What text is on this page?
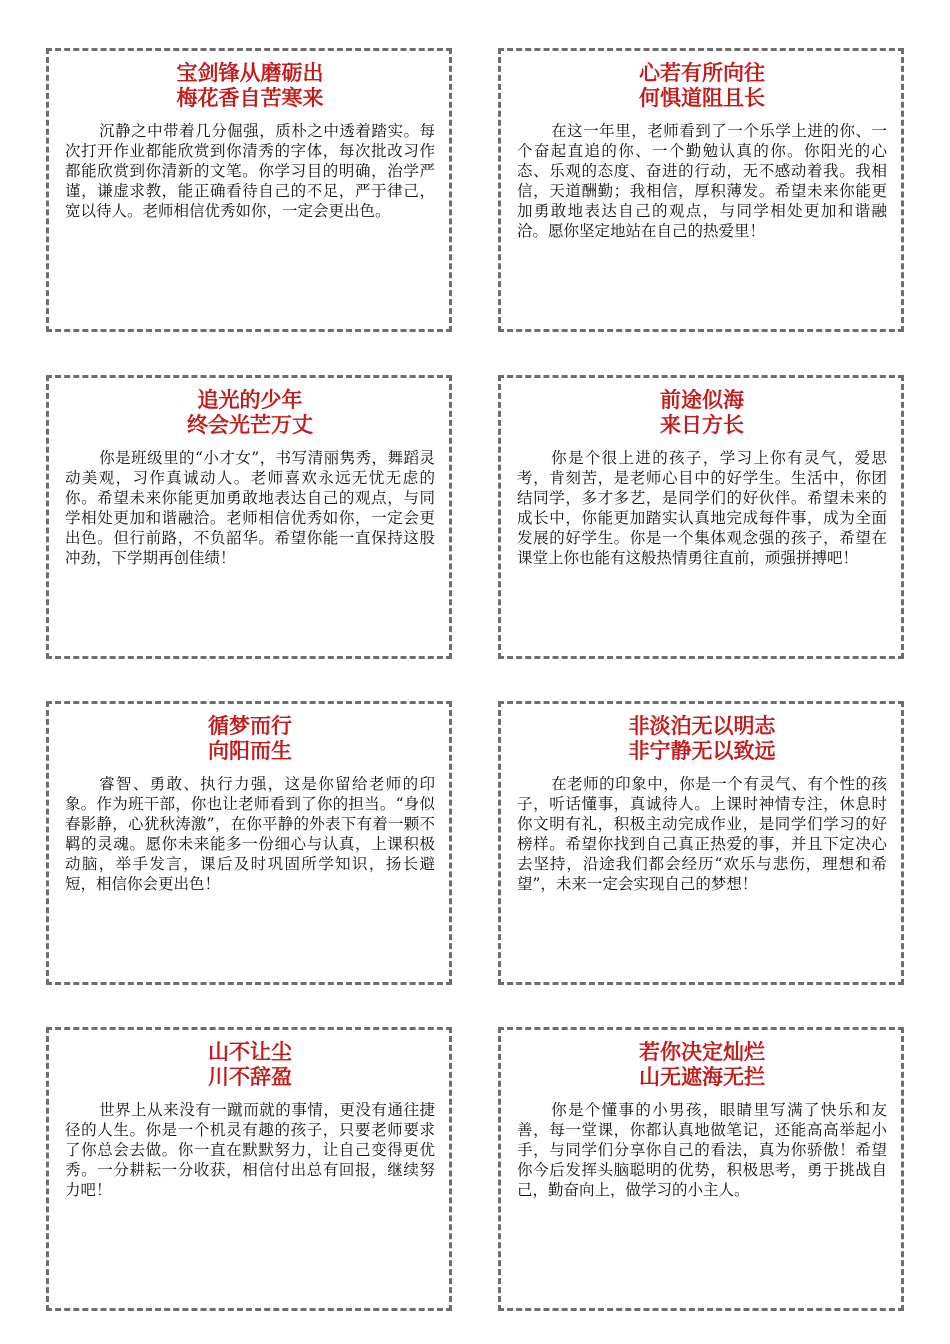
宝剑锋从磨砺出
梅花香自苦寒来

沉静之中带着几分倔强，质朴之中透着踏实。每次打开作业都能欣赏到你清秀的字体，每次批改习作都能欣赏到你清新的文笔。你学习目的明确，治学严谨，谦虚求教，能正确看待自己的不足，严于律己，宽以待人。老师相信优秀如你，一定会更出色。

心若有所向往
何惧道阻且长

在这一年里，老师看到了一个乐学上进的你、一个奋起直追的你、一个勤勉认真的你。你阳光的心态、乐观的态度、奋进的行动，无不感动着我。我相信，天道酬勤；我相信，厚积薄发。希望未来你能更加勇敢地表达自己的观点，与同学相处更加和谐融洽。愿你坚定地站在自己的热爱里！

追光的少年
终会光芒万丈

你是班级里的“小才女”，书写清丽隽秀，舞蹈灵动美观，习作真诚动人。老师喜欢永远无忧无虑的你。希望未来你能更加勇敢地表达自己的观点，与同学相处更加和谐融洽。老师相信优秀如你，一定会更出色。但行前路，不负韶华。希望你能一直保持这股冲劲，下学期再创佳绩！

前途似海
来日方长

你是个很上进的孩子，学习上你有灵气，爱思考，肯刻苦，是老师心目中的好学生。生活中，你团结同学，多才多艺，是同学们的好伙伴。希望未来的成长中，你能更加踏实认真地完成每件事，成为全面发展的好学生。你是一个集体观念强的孩子，希望在课堂上你也能有这般热情勇往直前，顽强拼搏吧！

循梦而行
向阳而生

睿智、勇敢、执行力强，这是你留给老师的印象。作为班干部，你也让老师看到了你的担当。“身似春影静，心犹秋涛激”，在你平静的外表下有着一颗不羁的灵魂。愿你未来能多一份细心与认真，上课积极动脑，举手发言，课后及时巩固所学知识，扬长避短，相信你会更出色！

非淡泊无以明志
非宁静无以致远

在老师的印象中，你是一个有灵气、有个性的孩子，听话懂事，真诚待人。上课时神情专注，休息时你文明有礼，积极主动完成作业，是同学们学习的好榜样。希望你找到自己真正热爱的事，并且下定决心去坚持，沿途我们都会经历“欢乐与悲伤，理想和希望”，未来一定会实现自己的梦想！

山不让尘
川不辞盈

世界上从来没有一蹴而就的事情，更没有通往捷径的人生。你是一个机灵有趣的孩子，只要老师要求了你总会去做。你一直在默默努力，让自己变得更优秀。一分耕耘一分收获，相信付出总有回报，继续努力吧！

若你决定灿烂
山无遮海无拦

你是个懂事的小男孩，眼睛里写满了快乐和友善，每一堂课，你都认真地做笔记，还能高高举起小手，与同学们分享你自己的看法，真为你骄傲！希望你今后发挥头脑聪明的优势，积极思考，勇于挑战自己，勤奋向上，做学习的小主人。
